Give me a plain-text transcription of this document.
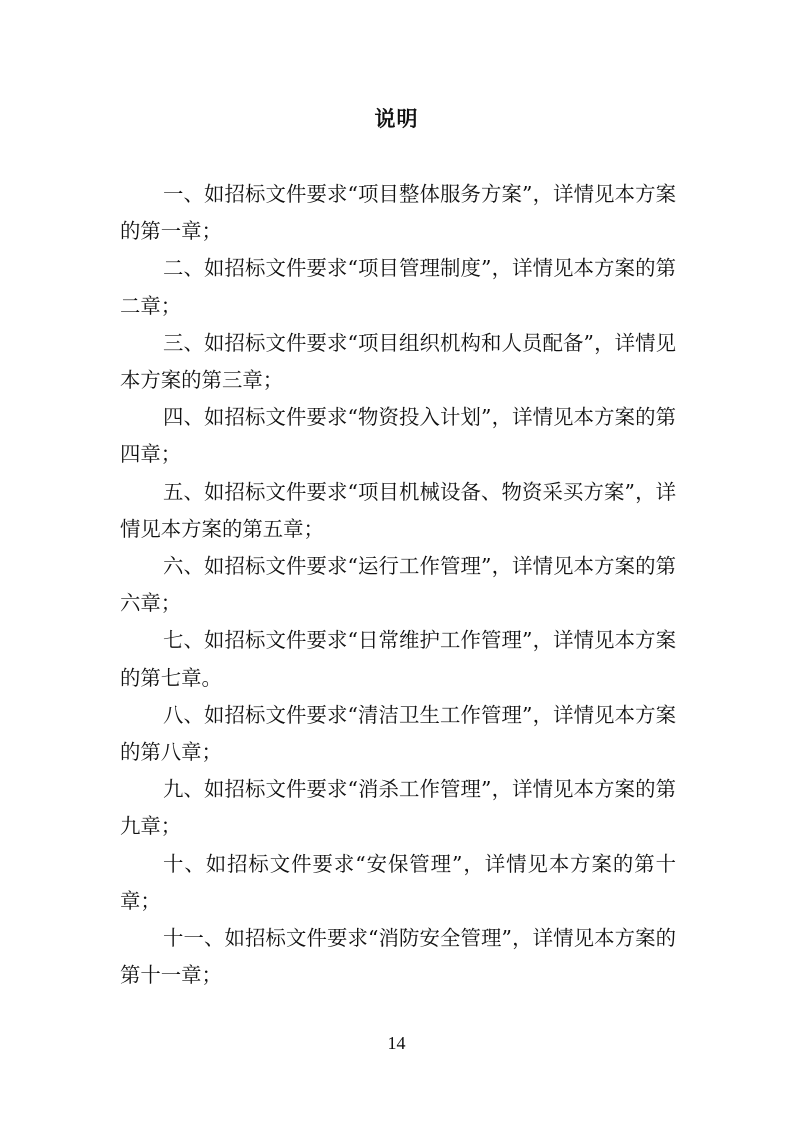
说明

一、如招标文件要求“项目整体服务方案”，详情见本方案的第一章；

二、如招标文件要求“项目管理制度”，详情见本方案的第二章；

三、如招标文件要求“项目组织机构和人员配备”，详情见本方案的第三章；

四、如招标文件要求“物资投入计划”，详情见本方案的第四章；

五、如招标文件要求“项目机械设备、物资采买方案”，详情见本方案的第五章；

六、如招标文件要求“运行工作管理”，详情见本方案的第六章；

七、如招标文件要求“日常维护工作管理”，详情见本方案的第七章。

八、如招标文件要求“清洁卫生工作管理”，详情见本方案的第八章；

九、如招标文件要求“消杀工作管理”，详情见本方案的第九章；

十、如招标文件要求“安保管理”，详情见本方案的第十章；

十一、如招标文件要求“消防安全管理”，详情见本方案的第十一章；

14
